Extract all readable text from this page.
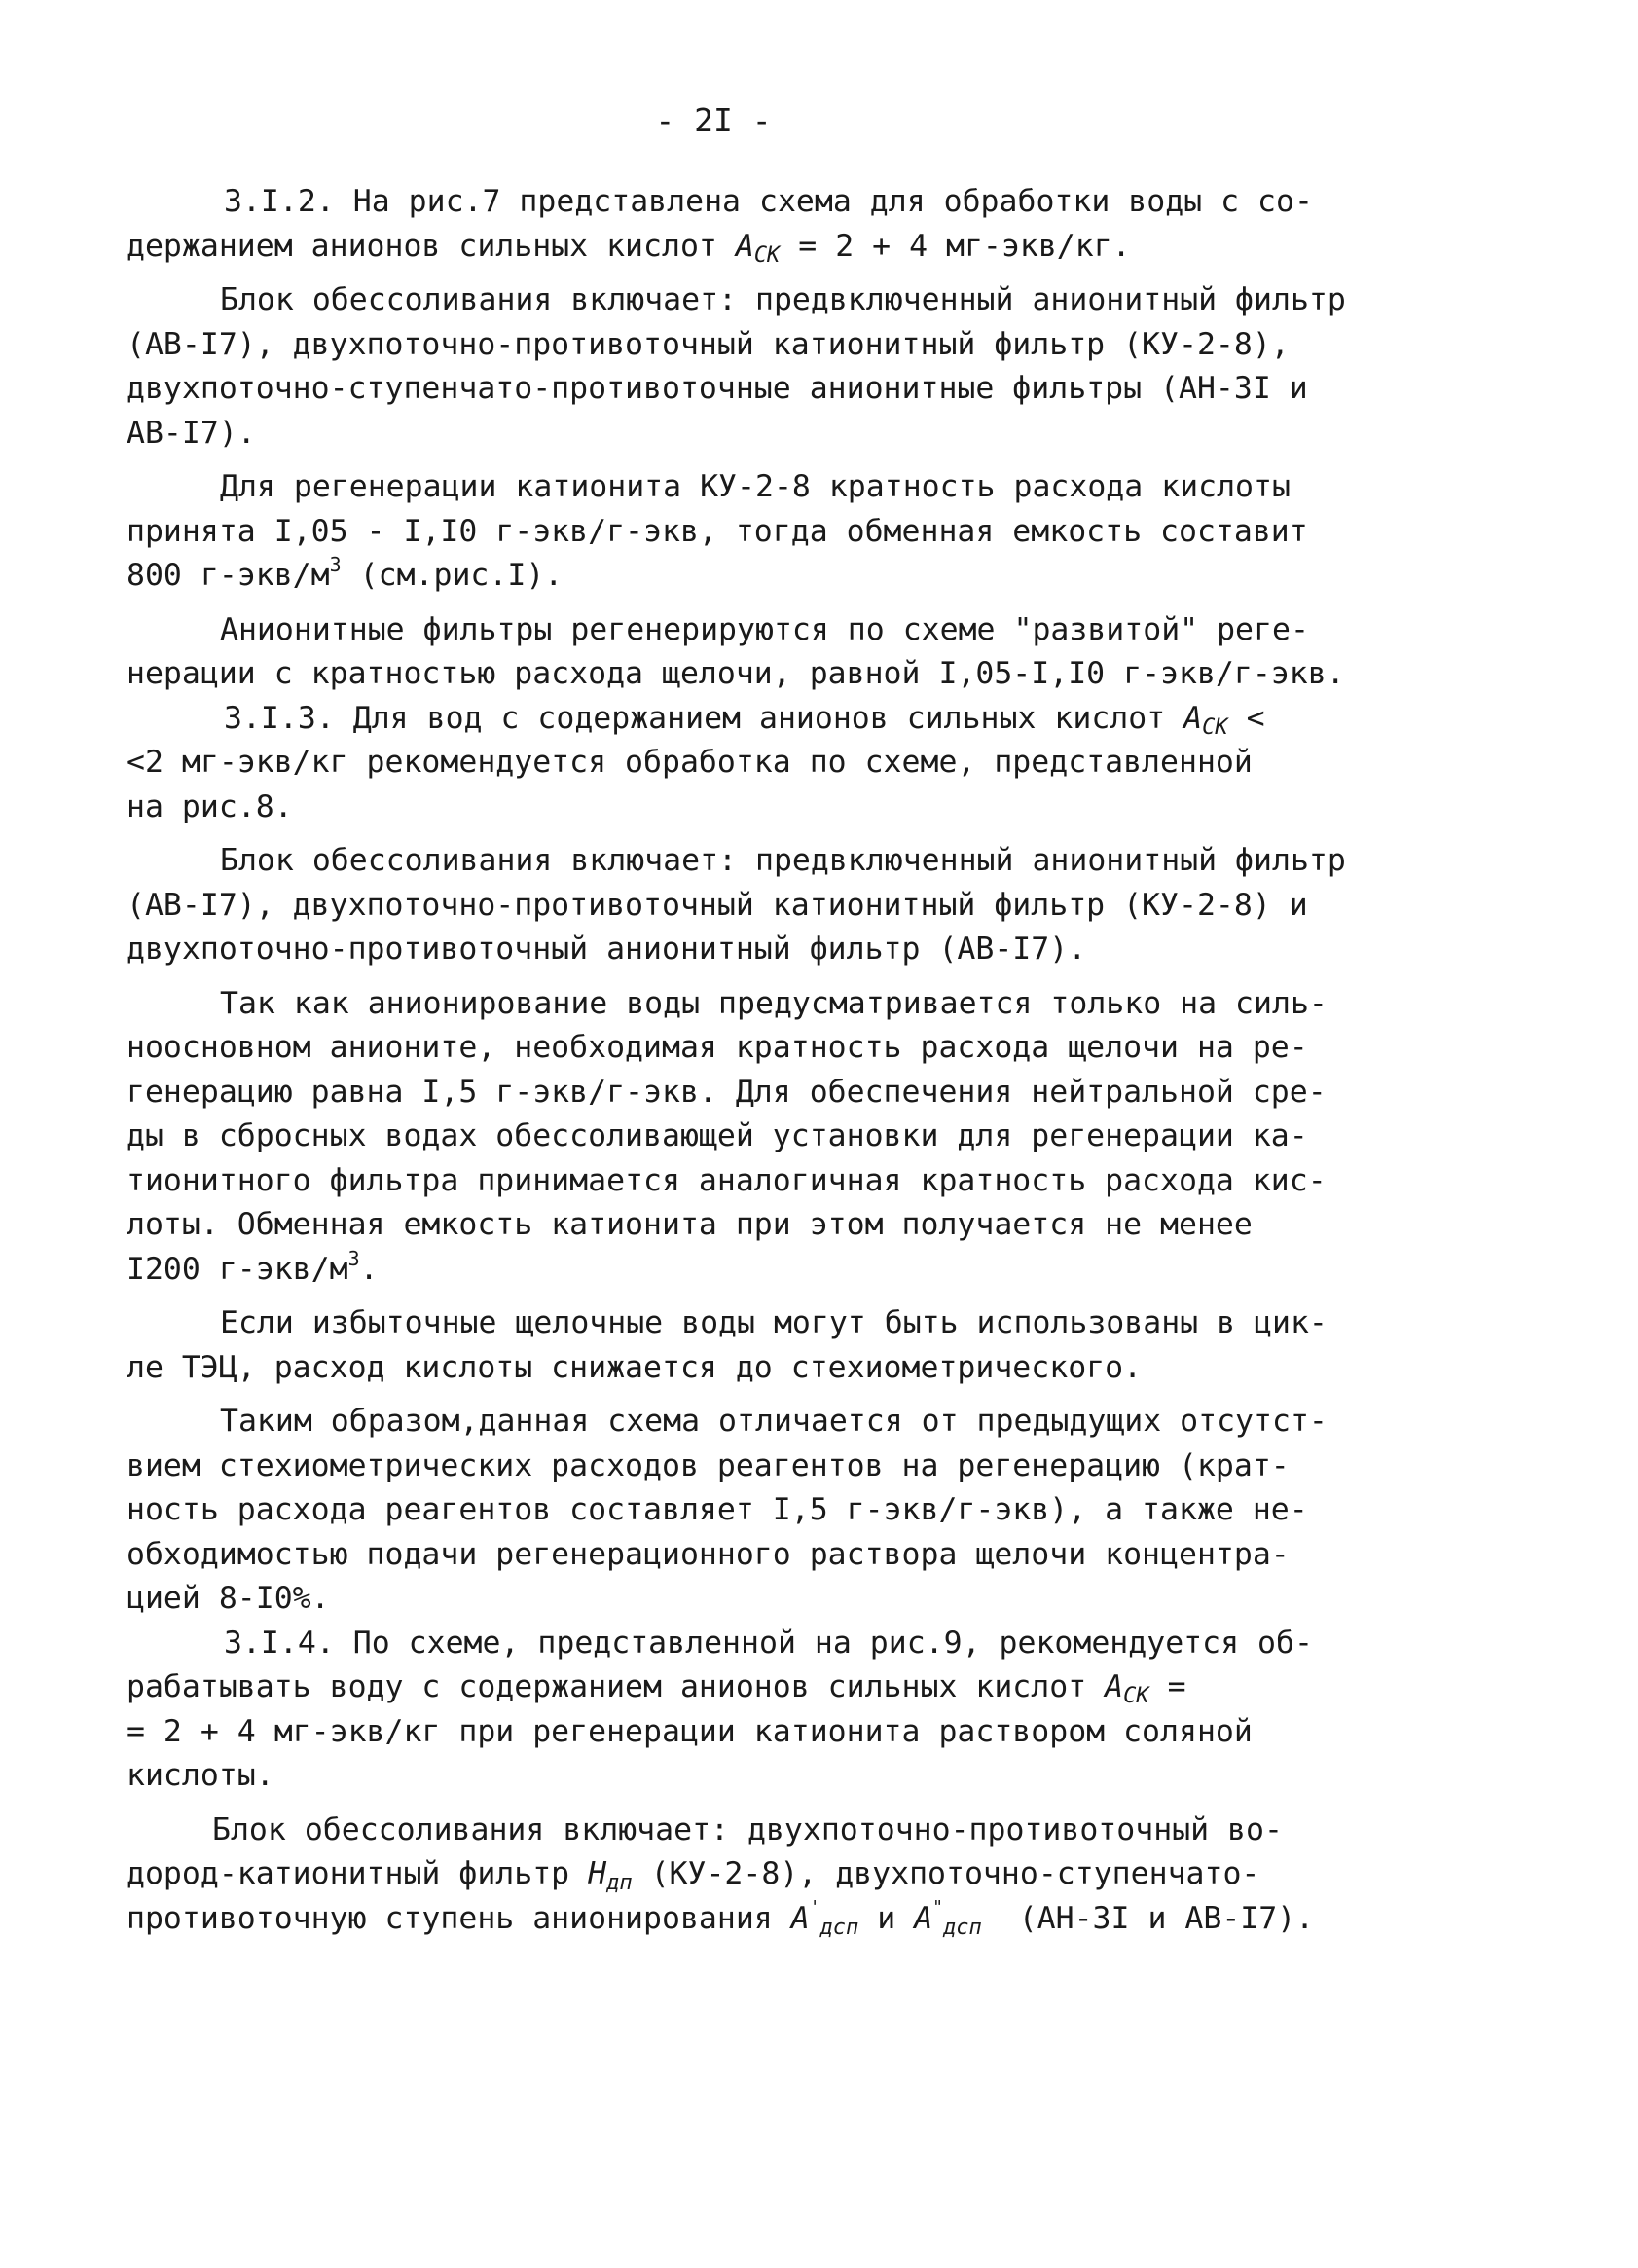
- 2I -
3.I.2. На рис.7 представлена схема для обработки воды с со-
держанием анионов сильных кислот $А_{СК} = 2 + 4$ мг-экв/кг.
Блок обессоливания включает: предвключенный анионитный фильтр
(АВ-I7), двухпоточно-противоточный катионитный фильтр (КУ-2-8),
двухпоточно-ступенчато-противоточные анионитные фильтры (АН-3I и
АВ-I7).
Для регенерации катионита КУ-2-8 кратность расхода кислоты
принята I,05 - I,I0 г-экв/г-экв, тогда обменная емкость составит
800 $г-экв/м^3$ (см.рис.I).
Анионитные фильтры регенерируются по схеме "развитой" реге-
нерации с кратностью расхода щелочи, равной I,05-I,I0 г-экв/г-экв.
3.I.3. Для вод с содержанием анионов сильных кислот $А_{СК}$ <
<2 мг-экв/кг рекомендуется обработка по схеме, представленной
на рис.8.
Блок обессоливания включает: предвключенный анионитный фильтр
(АВ-I7), двухпоточно-противоточный катионитный фильтр (КУ-2-8) и
двухпоточно-противоточный анионитный фильтр (АВ-I7).
Так как анионирование воды предусматривается только на силь-
ноосновном анионите, необходимая кратность расхода щелочи на ре-
генерацию равна I,5 г-экв/г-экв. Для обеспечения нейтральной сре-
ды в сбросных водах обессоливающей установки для регенерации ка-
тионитного фильтра принимается аналогичная кратность расхода кис-
лоты. Обменная емкость катионита при этом получается не менее
I200 $г-экв/м^3$.
Если избыточные щелочные воды могут быть использованы в цик-
ле ТЭЦ, расход кислоты снижается до стехиометрического.
Таким образом,данная схема отличается от предыдущих отсутст-
вием стехиометрических расходов реагентов на регенерацию (крат-
ность расхода реагентов составляет I,5 г-экв/г-экв), а также не-
обходимостью подачи регенерационного раствора щелочи концентра-
цией 8-I0%.
3.I.4. По схеме, представленной на рис.9, рекомендуется об-
рабатывать воду с содержанием анионов сильных кислот $А_{СК}$ =
= 2 + 4 мг-экв/кг при регенерации катионита раствором соляной
кислоты.
Блок обессоливания включает: двухпоточно-противоточный во-
дород-катионитный фильтр $Н_{дп}$ (КУ-2-8), двухпоточно-ступенчато-
противоточную ступень анионирования $А'_{дсп}$ и $А^"_{дсп}$ (АН-3I и АВ-I7).
